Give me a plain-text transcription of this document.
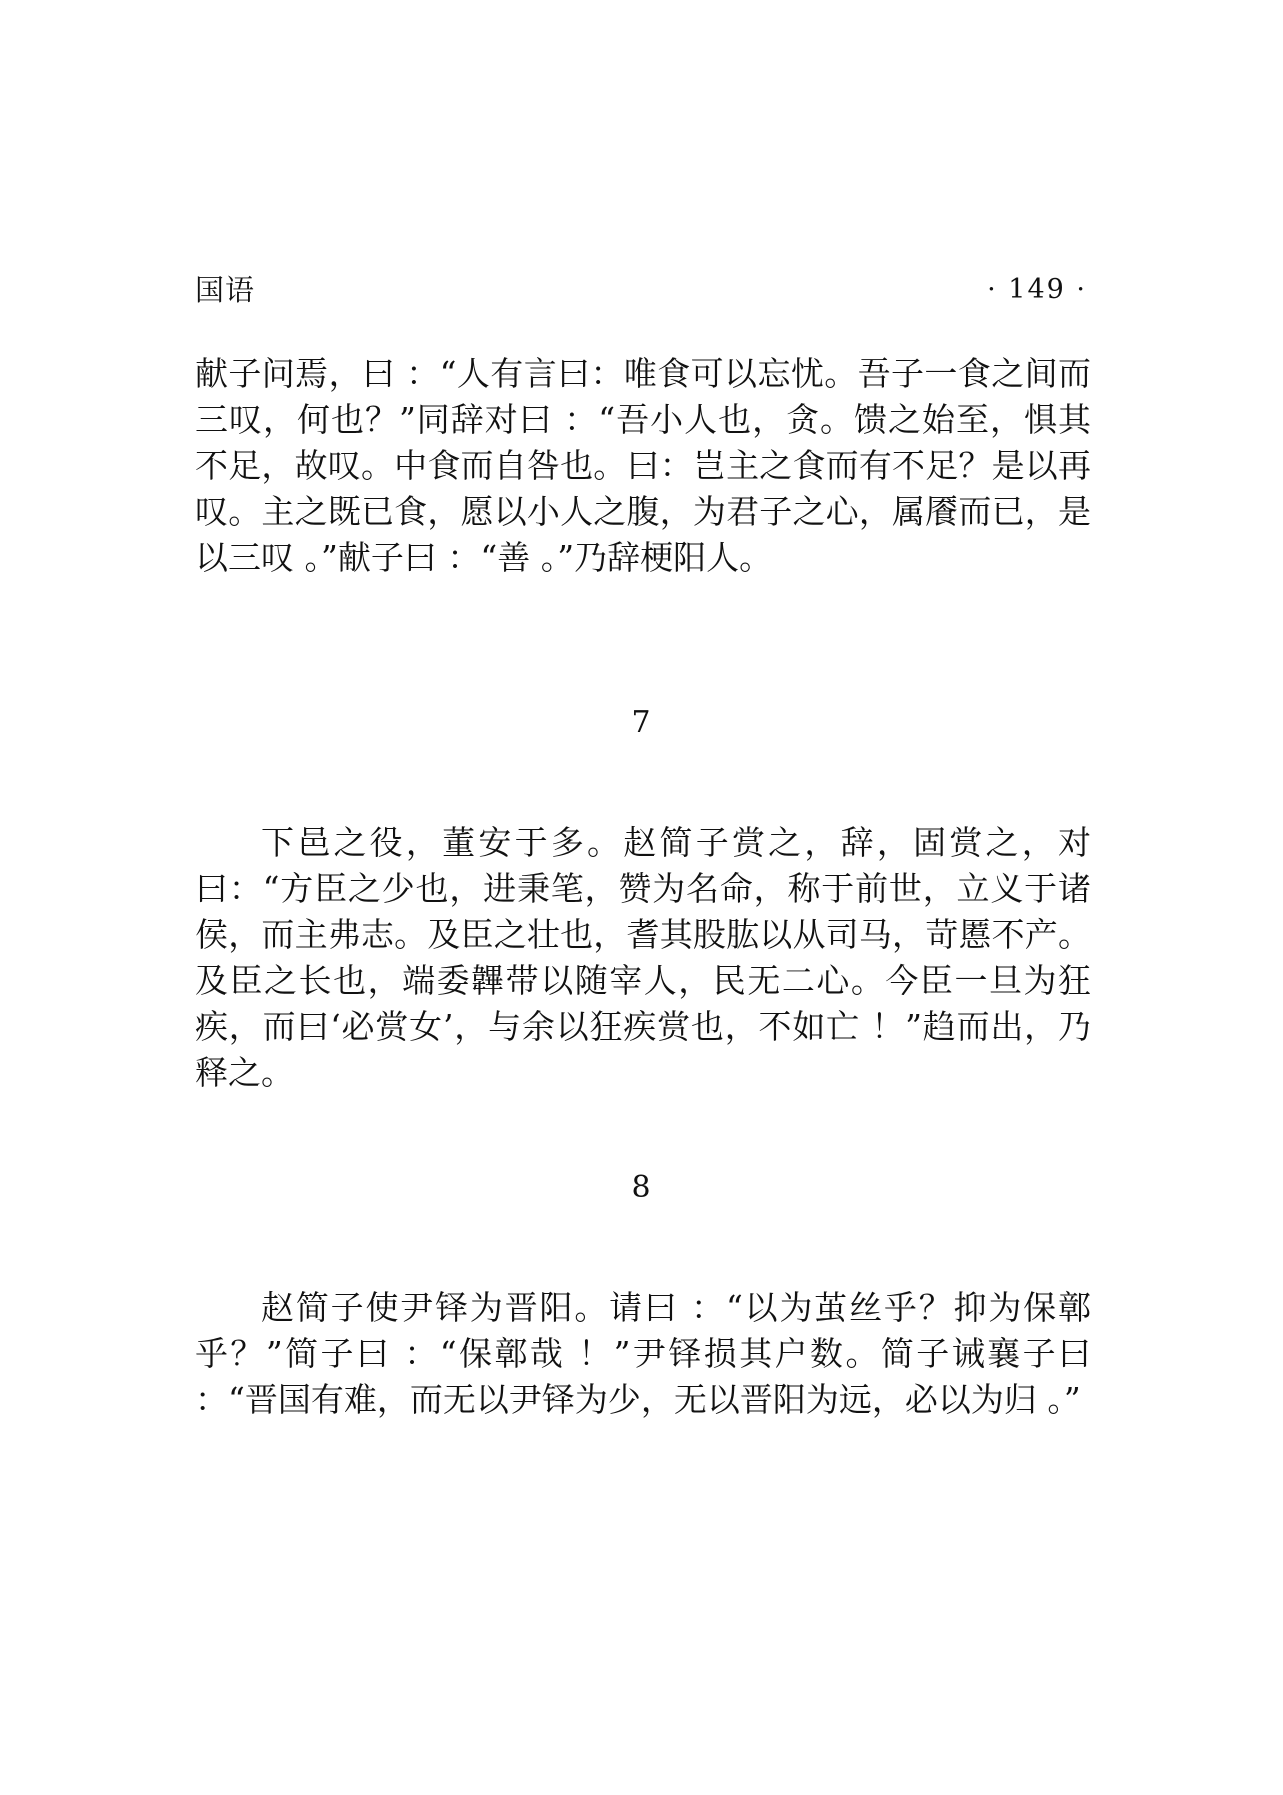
国语	· 149 ·

献子问焉，曰 ：“人有言曰：唯食可以忘忧。吾子一食之间而三叹，何也？”同辞对曰 ：“吾小人也，贪。馈之始至，惧其不足，故叹。中食而自咎也。曰：岂主之食而有不足？是以再叹。主之既已食，愿以小人之腹，为君子之心，属餍而已，是以三叹 。”献子曰 ：“善 。”乃辞梗阳人。

7

下邑之役，董安于多。赵简子赏之，辞，固赏之，对曰：“方臣之少也，进秉笔，赞为名命，称于前世，立义于诸侯，而主弗志。及臣之壮也，耆其股肱以从司马，苛慝不产。及臣之长也，端委韠带以随宰人，民无二心。今臣一旦为狂疾，而曰‘必赏女’，与余以狂疾赏也，不如亡 ！”趋而出，乃释之。

8

赵简子使尹铎为晋阳。请曰 ：“以为茧丝乎？抑为保鄣乎？”简子曰 ：“保鄣哉 ！”尹铎损其户数。简子诫襄子曰 ：“晋国有难，而无以尹铎为少，无以晋阳为远，必以为归 。”
